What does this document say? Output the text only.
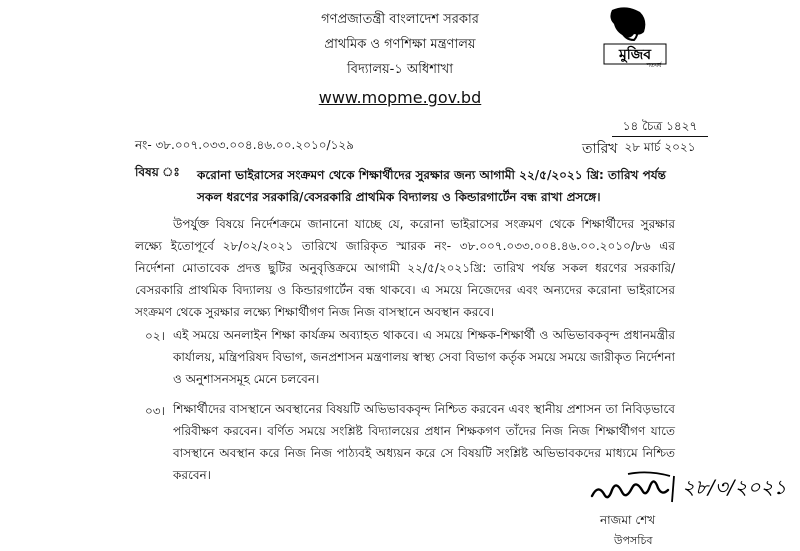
গণপ্রজাতন্ত্রী বাংলাদেশ সরকার
প্রাথমিক ও গণশিক্ষা মন্ত্রণালয়
বিদ্যালয়-১ অধিশাখা
www.mopme.gov.bd
মুজিব
শতবর্ষ
নং- ৩৮.০০৭.০৩৩.০০৪.৪৬.০০.২০১০/১২৯	তারিখ
১৪ চৈত্র ১৪২৭
২৮ মার্চ ২০২১
বিষয় ঃ করোনা ভাইরাসের সংক্রমণ থেকে শিক্ষার্থীদের সুরক্ষার জন্য আগামী ২২/৫/২০২১ খ্রি: তারিখ পর্যন্ত সকল ধরণের সরকারি/বেসরকারি প্রাথমিক বিদ্যালয় ও কিন্ডারগার্টেন বন্ধ রাখা প্রসঙ্গে।
উপর্যুক্ত বিষয়ে নির্দেশক্রমে জানানো যাচ্ছে যে, করোনা ভাইরাসের সংক্রমণ থেকে শিক্ষার্থীদের সুরক্ষার লক্ষ্যে ইতোপূর্বে ২৮/০২/২০২১ তারিখে জারিকৃত স্মারক নং- ৩৮.০০৭.০৩৩.০০৪.৪৬.০০.২০১০/৮৬ এর নির্দেশনা মোতাবেক প্রদত্ত ছুটির অনুবৃত্তিক্রমে আগামী ২২/৫/২০২১খ্রি: তারিখ পর্যন্ত সকল ধরণের সরকারি/বেসরকারি প্রাথমিক বিদ্যালয় ও কিন্ডারগার্টেন বন্ধ থাকবে। এ সময়ে নিজেদের এবং অন্যদের করোনা ভাইরাসের সংক্রমণ থেকে সুরক্ষার লক্ষ্যে শিক্ষার্থীগণ নিজ নিজ বাসস্থানে অবস্থান করবে।
০২। এই সময়ে অনলাইন শিক্ষা কার্যক্রম অব্যাহত থাকবে। এ সময়ে শিক্ষক-শিক্ষার্থী ও অভিভাবকবৃন্দ প্রধানমন্ত্রীর কার্যালয়, মন্ত্রিপরিষদ বিভাগ, জনপ্রশাসন মন্ত্রণালয় স্বাস্থ্য সেবা বিভাগ কর্তৃক সময়ে সময়ে জারীকৃত নির্দেশনা ও অনুশাসনসমূহ মেনে চলবেন।
০৩। শিক্ষার্থীদের বাসস্থানে অবস্থানের বিষয়টি অভিভাবকবৃন্দ নিশ্চিত করবেন এবং স্থানীয় প্রশাসন তা নিবিড়ভাবে পরিবীক্ষণ করবেন। বর্ণিত সময়ে সংশ্লিষ্ট বিদ্যালয়ের প্রধান শিক্ষকগণ তাঁদের নিজ নিজ শিক্ষার্থীগণ যাতে বাসস্থানে অবস্থান করে নিজ নিজ পাঠ্যবই অধ্যয়ন করে সে বিষয়টি সংশ্লিষ্ট অভিভাবকদের মাধ্যমে নিশ্চিত করবেন।	২৮/৩/২০২১
নাজমা শেখ
উপসচিব
